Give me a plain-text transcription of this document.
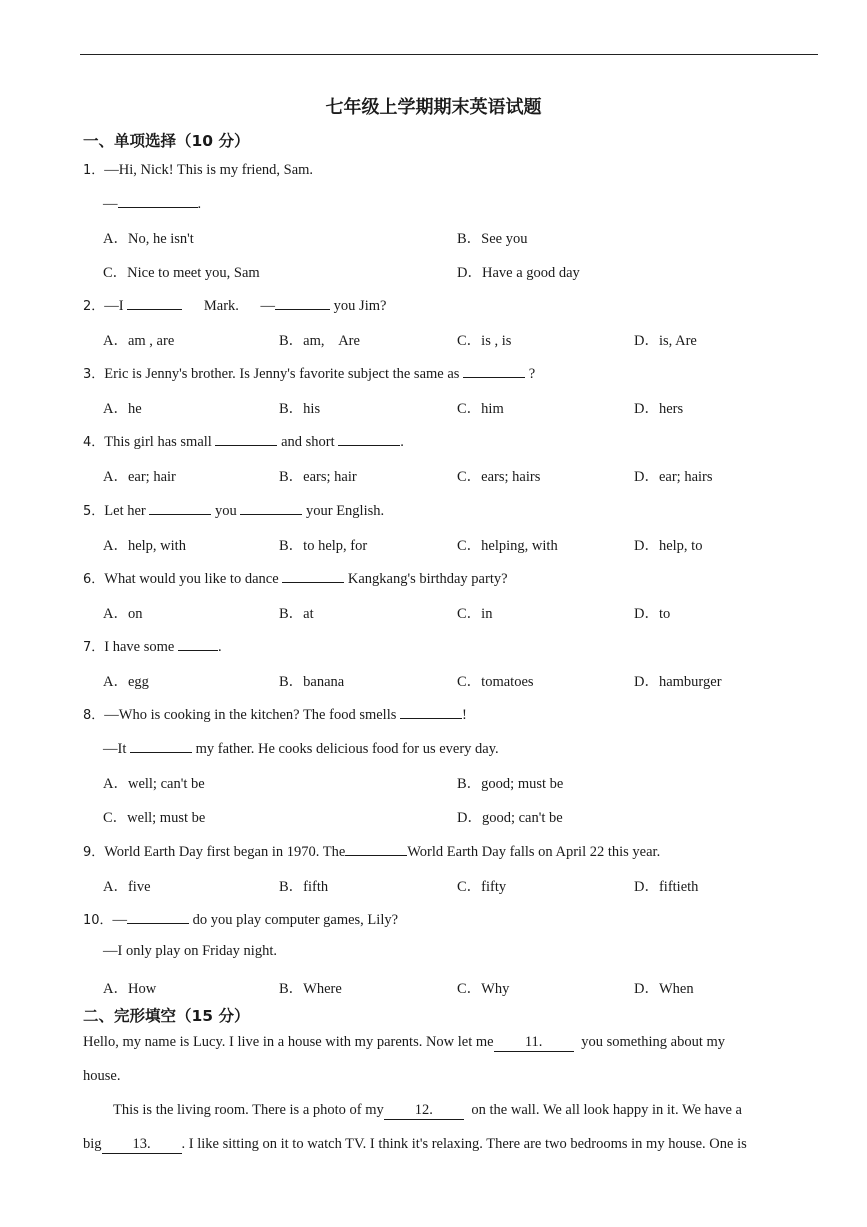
七年级上学期期末英语试题
一、单项选择（10 分）
1．—Hi, Nick! This is my friend, Sam.
—	.
A．No, he isn't	B．See you
C．Nice to meet you, Sam	D．Have a good day
2．—I	Mark. —	you Jim?
A．am , are	B．am,    Are	C．is , is	D．is, Are
3．Eric is Jenny's brother. Is Jenny's favorite subject the same as	?
A．he	B．his	C．him	D．hers
4．This girl has small	and short	.
A．ear; hair	B．ears; hair	C．ears; hairs	D．ear; hairs
5．Let her	you	your English.
A．help, with	B．to help, for	C．helping, with	D．help, to
6．What would you like to dance	Kangkang's birthday party?
A．on	B．at	C．in	D．to
7．I have some	.
A．egg	B．banana	C．tomatoes	D．hamburger
8．—Who is cooking in the kitchen? The food smells	!
—It	my father. He cooks delicious food for us every day.
A．well; can't be	B．good; must be
C．well; must be	D．good; can't be
9．World Earth Day first began in 1970. The	World Earth Day falls on April 22 this year.
A．five	B．fifth	C．fifty	D．fiftieth
10．—	do you play computer games, Lily?
—I only play on Friday night.
A．How	B．Where	C．Why	D．When
二、完形填空（15 分）
Hello, my name is Lucy. I live in a house with my parents. Now let me 11.	you something about my
house.
This is the living room. There is a photo of my 12.	on the wall. We all look happy in it. We have a
big 13. . I like sitting on it to watch TV. I think it's relaxing. There are two bedrooms in my house. One is
